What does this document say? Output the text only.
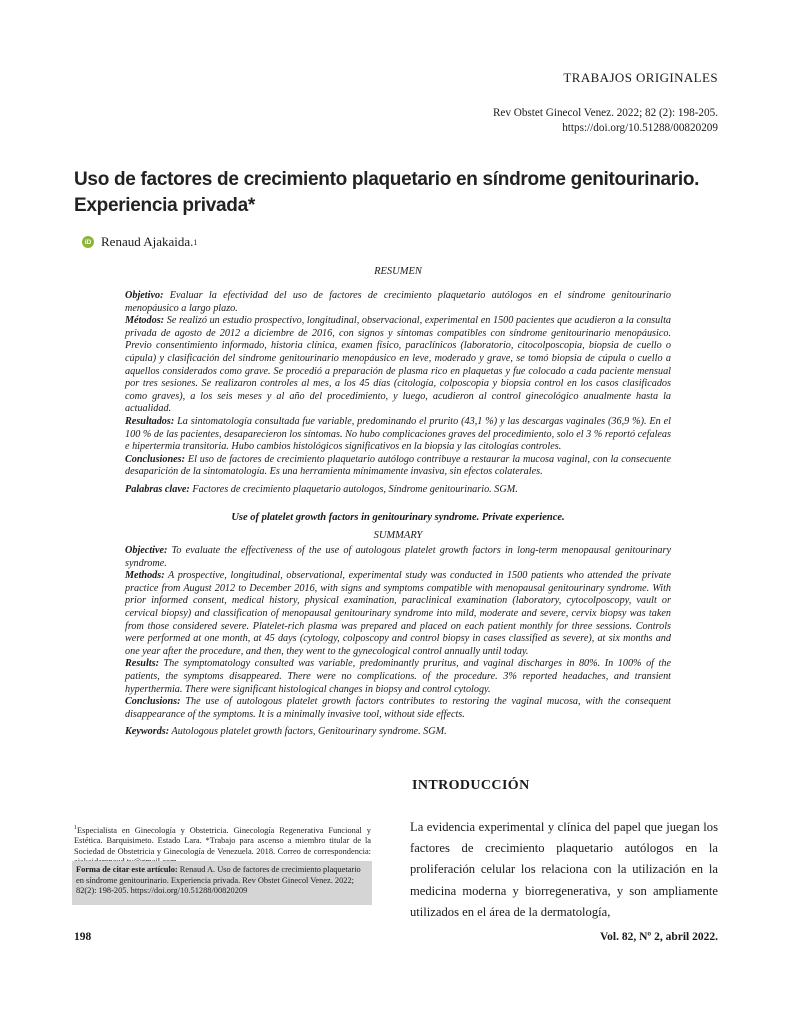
TRABAJOS ORIGINALES
Rev Obstet Ginecol Venez. 2022; 82 (2): 198-205.
https://doi.org/10.51288/00820209
Uso de factores de crecimiento plaquetario en síndrome genitourinario. Experiencia privada*
iD Renaud Ajakaida. 1
RESUMEN

Objetivo: Evaluar la efectividad del uso de factores de crecimiento plaquetario autólogos en el síndrome genitourinario menopáusico a largo plazo.

Métodos: Se realizó un estudio prospectivo, longitudinal, observacional, experimental en 1500 pacientes que acudieron a la consulta privada de agosto de 2012 a diciembre de 2016, con signos y síntomas compatibles con síndrome genitourinario menopáusico. Previo consentimiento informado, historia clínica, examen físico, paraclínicos (laboratorio, citocolposcopia, biopsia de cuello o cúpula) y clasificación del síndrome genitourinario menopáusico en leve, moderado y grave, se tomó biopsia de cúpula o cuello a aquellos considerados como grave. Se procedió a preparación de plasma rico en plaquetas y fue colocado a cada paciente mensual por tres sesiones. Se realizaron controles al mes, a los 45 días (citología, colposcopia y biopsia control en los casos clasificados como graves), a los seis meses y al año del procedimiento, y luego, acudieron al control ginecológico anualmente hasta la actualidad.

Resultados: La sintomatología consultada fue variable, predominando el prurito (43,1 %) y las descargas vaginales (36,9 %). En el 100 % de las pacientes, desaparecieron los síntomas. No hubo complicaciones graves del procedimiento, solo el 3 % reportó cefaleas e hipertermia transitoria. Hubo cambios histológicos significativos en la biopsia y las citologías controles.

Conclusiones: El uso de factores de crecimiento plaquetario autólogo contribuye a restaurar la mucosa vaginal, con la consecuente desaparición de la sintomatología. Es una herramienta mínimamente invasiva, sin efectos colaterales.

Palabras clave: Factores de crecimiento plaquetario autologos, Síndrome genitourinario. SGM.

Use of platelet growth factors in genitourinary syndrome. Private experience.
SUMMARY

Objective: To evaluate the effectiveness of the use of autologous platelet growth factors in long-term menopausal genitourinary syndrome.

Methods: A prospective, longitudinal, observational, experimental study was conducted in 1500 patients who attended the private practice from August 2012 to December 2016, with signs and symptoms compatible with menopausal genitourinary syndrome. With prior informed consent, medical history, physical examination, paraclinical examination (laboratory, cytocolposcopy, vault or cervical biopsy) and classification of menopausal genitourinary syndrome into mild, moderate and severe, cervix biopsy was taken from those considered severe. Platelet-rich plasma was prepared and placed on each patient monthly for three sessions. Controls were performed at one month, at 45 days (cytology, colposcopy and control biopsy in cases classified as severe), at six months and one year after the procedure, and then, they went to the gynecological control annually until today.

Results: The symptomatology consulted was variable, predominantly pruritus, and vaginal discharges in 80%. In 100% of the patients, the symptoms disappeared. There were no complications. of the procedure. 3% reported headaches, and transient hyperthermia. There were significant histological changes in biopsy and control cytology.

Conclusions: The use of autologous platelet growth factors contributes to restoring the vaginal mucosa, with the consequent disappearance of the symptoms. It is a minimally invasive tool, without side effects.

Keywords: Autologous platelet growth factors, Genitourinary syndrome. SGM.

INTRODUCCIÓN
La evidencia experimental y clínica del papel que juegan los factores de crecimiento plaquetario autólogos en la proliferación celular los relaciona con la utilización en la medicina moderna y biorregenerativa, y son ampliamente utilizados en el área de la dermatología,
$^1$Especialista en Ginecología y Obstetricia. Ginecología Regenerativa Funcional y Estética. Barquisimeto. Estado Lara. *Trabajo para ascenso a miembro titular de la Sociedad de Obstetricia y Ginecología de Venezuela. 2018. Correo de correspondencia:
Forma de citar este artículo: Renaud A. Uso de factores de crecimiento plaquetario en síndrome genitourinario. Experiencia privada. Rev Obstet Ginecol Venez. 2022; 82(2): 198-205. https://doi.org/10.51288/00820209
198	Vol. 82, Nº 2, abril 2022.
